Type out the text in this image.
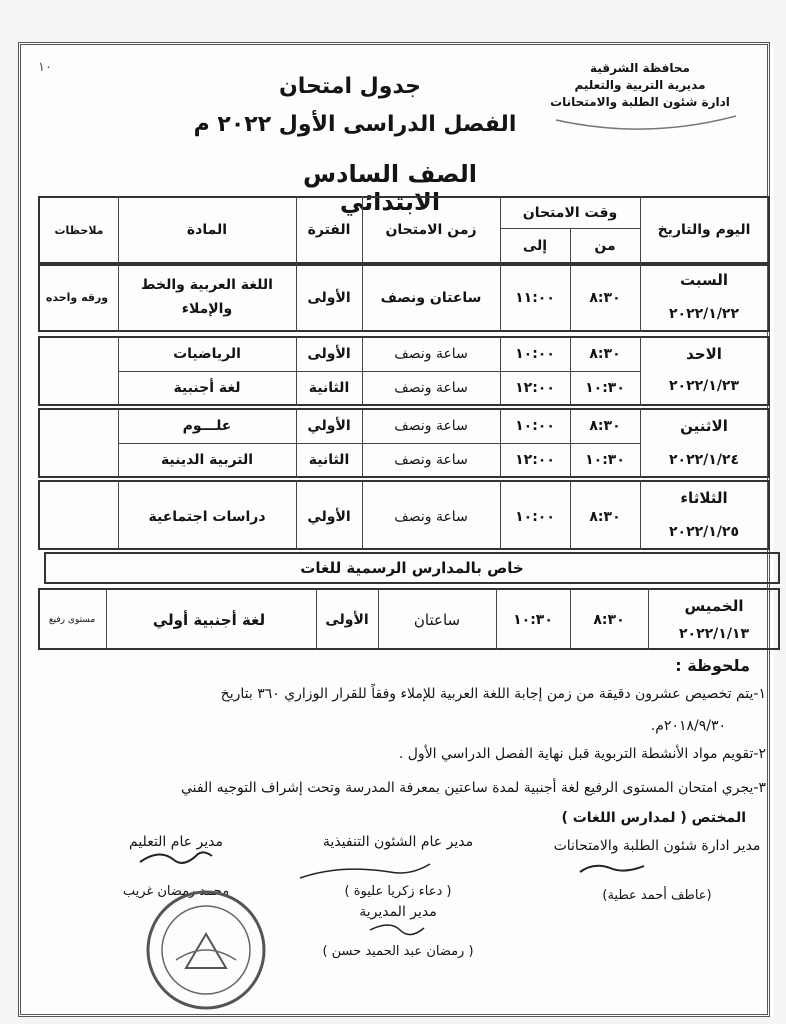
١٠
جدول امتحان
الفصل الدراسى الأول ٢٠٢٢ م
الصف السادس الابتدائي
محافظة الشرقية
مديرية التربية والتعليم
ادارة شئون الطلبة والامتحانات
اليوم والتاريخ
وقت الامتحان
من
إلى
زمن الامتحان
الفترة
المادة
ملاحظات
السبت
٢٠٢٢/١/٢٢
٨:٣٠
١١:٠٠
ساعتان ونصف
الأولى
اللغة العربية والخط والإملاء
ورقه واحده
الاحد
٢٠٢٢/١/٢٣
٨:٣٠
١٠:٠٠
ساعة ونصف
الأولى
الرياضيات
١٠:٣٠
١٢:٠٠
ساعة ونصف
الثانية
لغة أجنبية
الاثنين
٢٠٢٢/١/٢٤
٨:٣٠
١٠:٠٠
ساعة ونصف
الأولي
علـــوم
١٠:٣٠
١٢:٠٠
ساعة ونصف
الثانية
التربية الدينية
الثلاثاء
٢٠٢٢/١/٢٥
٨:٣٠
١٠:٠٠
ساعة ونصف
الأولي
دراسات اجتماعية
خاص بالمدارس الرسمية للغات
الخميس
٢٠٢٢/١/١٣
٨:٣٠
١٠:٣٠
ساعتان
الأولى
لغة أجنبية أولي
مستوى رفيع
ملحوظة :
١-يتم تخصيص عشرون دقيقة من زمن إجابة اللغة العربية للإملاء وفقاً للقرار الوزاري ٣٦٠ بتاريخ
٢٠١٨/٩/٣٠م.
٢-تقويم مواد الأنشطة التربوية قبل نهاية الفصل الدراسي الأول .
٣-يجري امتحان المستوى الرفيع لغة أجنبية لمدة ساعتين بمعرفة المدرسة وتحت إشراف التوجيه الفني
المختص ( لمدارس اللغات )
مدير ادارة شئون الطلبة والامتحانات
(عاطف أحمد عطية)
مدير عام الشئون التنفيذية
( دعاء زكريا عليوة )
مدير عام التعليم
محمد رمضان غريب
مدير المديرية
( رمضان عبد الحميد حسن )
